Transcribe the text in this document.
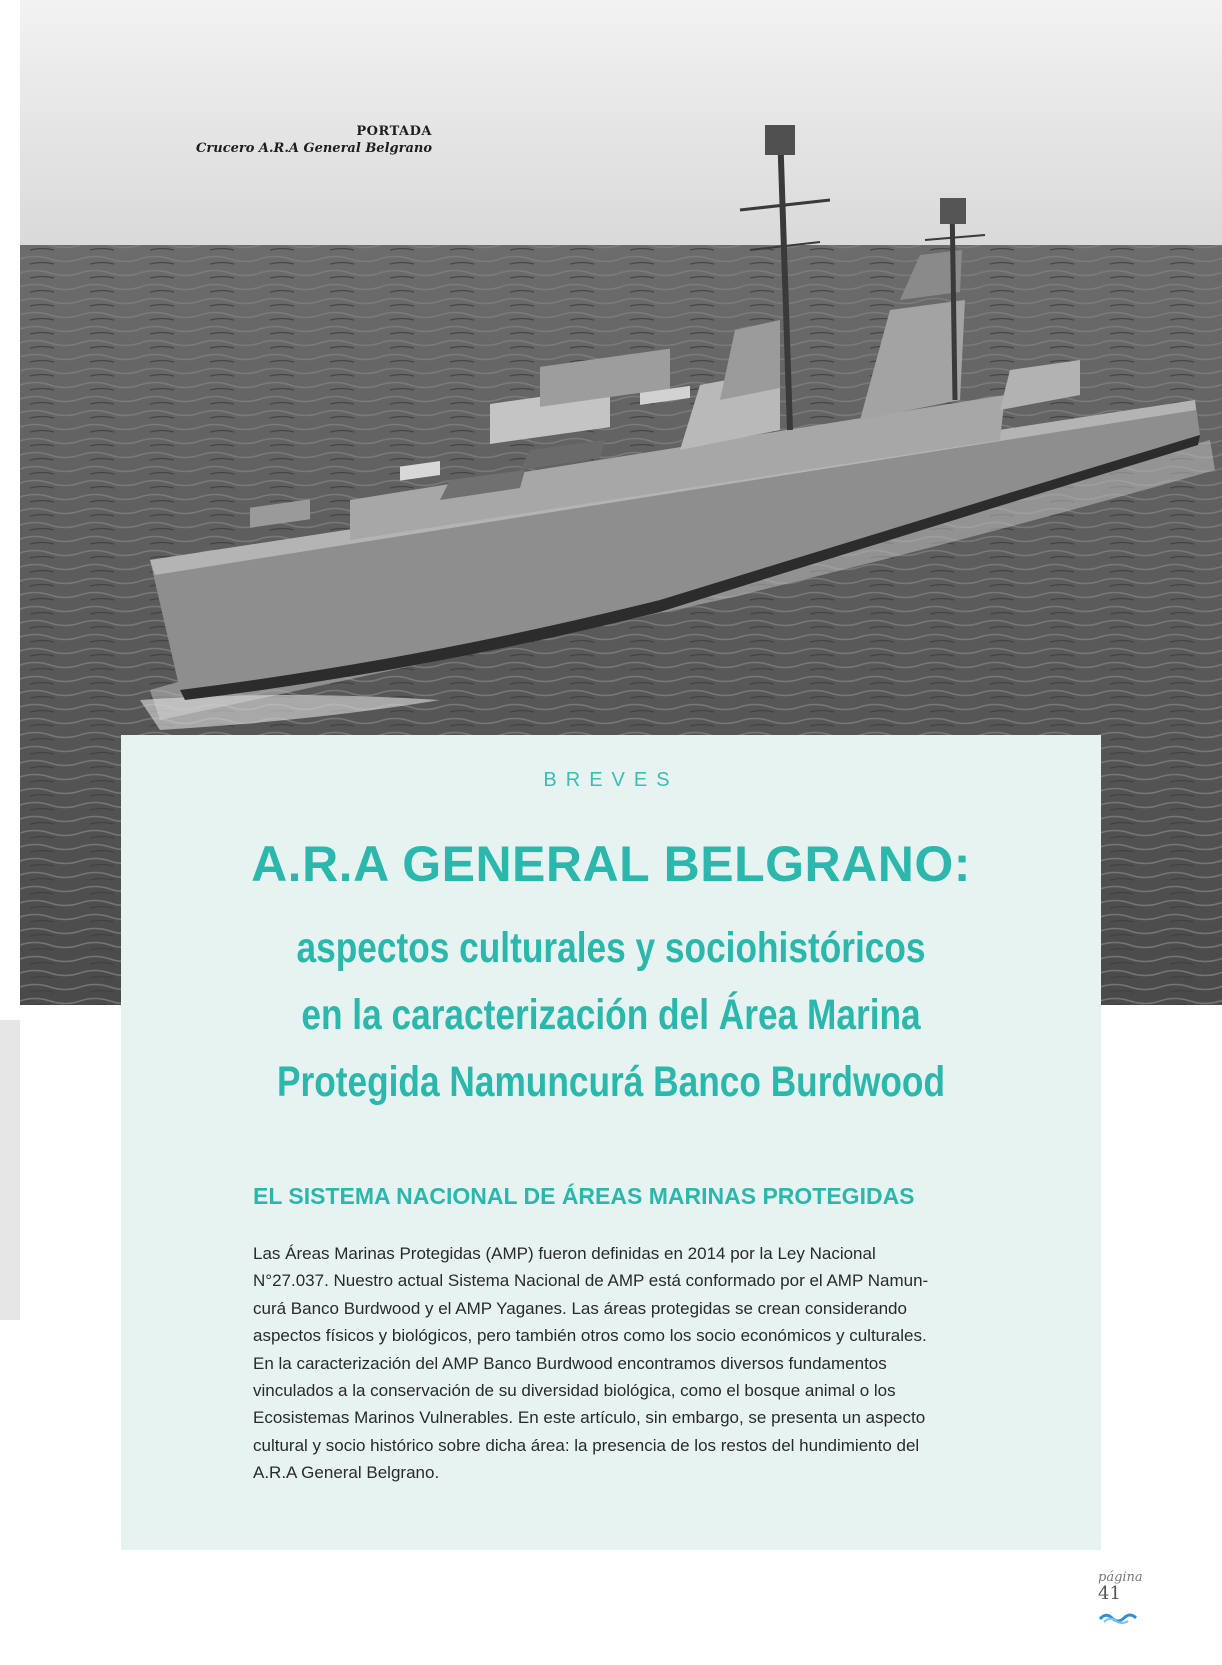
PORTADA
Crucero A.R.A General Belgrano
BREVES
A.R.A GENERAL BELGRANO:
aspectos culturales y sociohistóricos
en la caracterización del Área Marina
Protegida Namuncurá Banco Burdwood
EL SISTEMA NACIONAL DE ÁREAS MARINAS PROTEGIDAS
Las Áreas Marinas Protegidas (AMP) fueron definidas en 2014 por la Ley Nacional
N°27.037. Nuestro actual Sistema Nacional de AMP está conformado por el AMP Namun-
curá Banco Burdwood y el AMP Yaganes. Las áreas protegidas se crean considerando
aspectos físicos y biológicos, pero también otros como los socio económicos y culturales.
En la caracterización del AMP Banco Burdwood encontramos diversos fundamentos
vinculados a la conservación de su diversidad biológica, como el bosque animal o los
Ecosistemas Marinos Vulnerables. En este artículo, sin embargo, se presenta un aspecto
cultural y socio histórico sobre dicha área: la presencia de los restos del hundimiento del
A.R.A General Belgrano.
página
41
